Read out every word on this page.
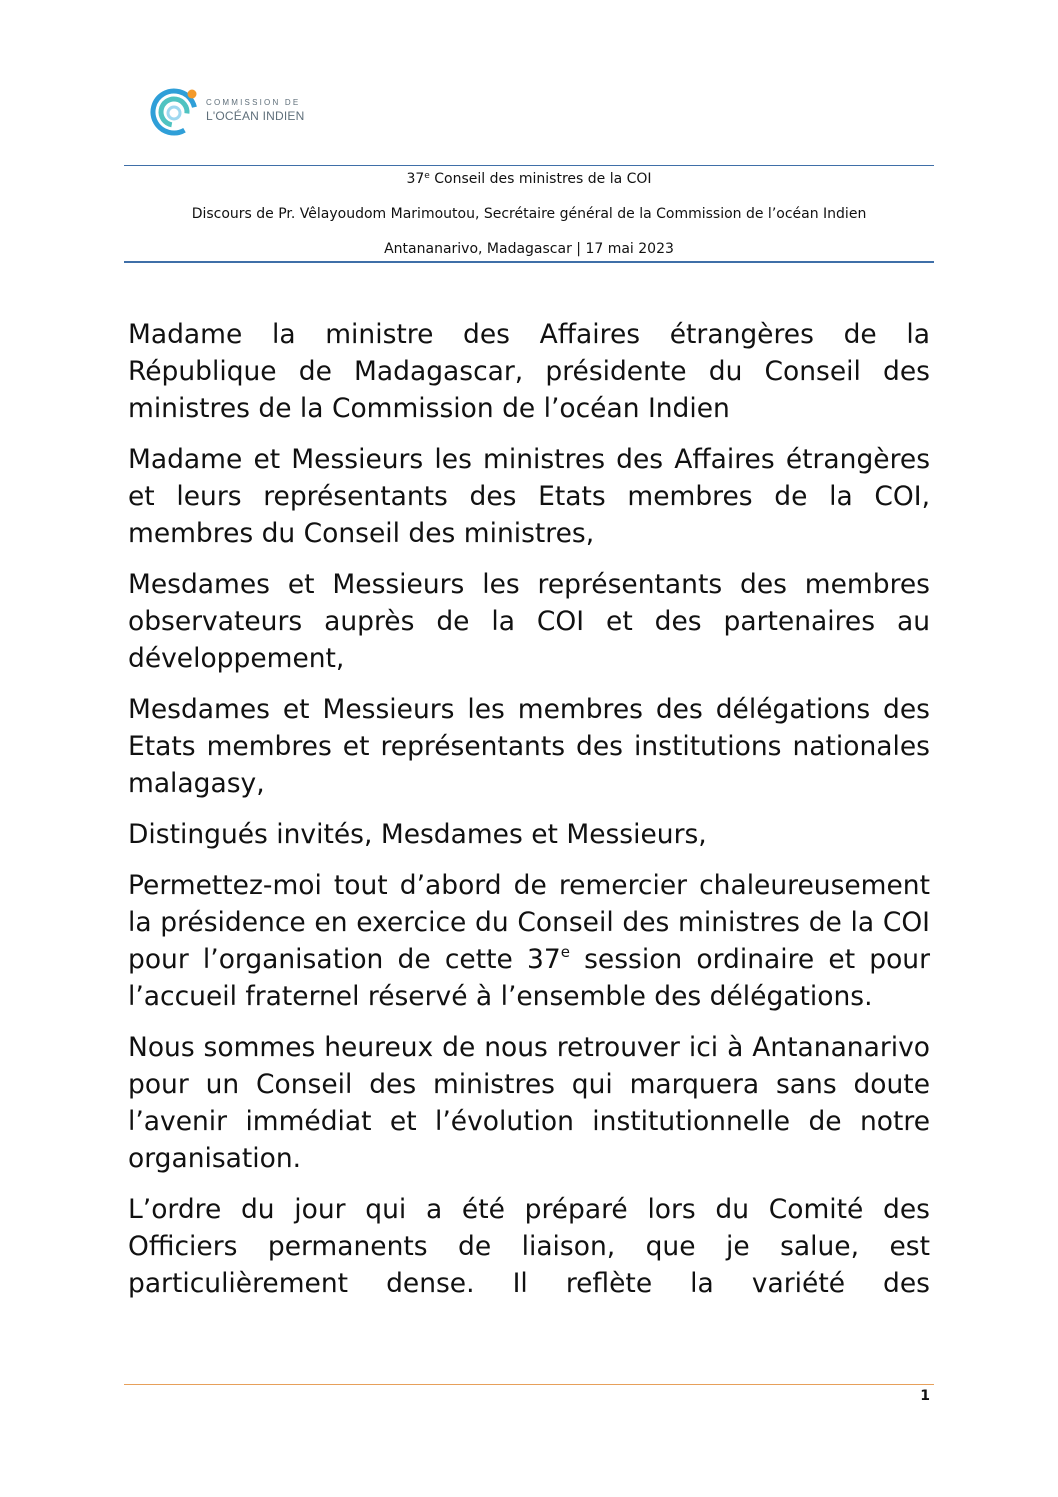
COMMISSION DE
L'OCÉAN INDIEN
37e Conseil des ministres de la COI
Discours de Pr. Vêlayoudom Marimoutou, Secrétaire général de la Commission de l’océan Indien
Antananarivo, Madagascar | 17 mai 2023

Madame la ministre des Affaires étrangères de la République de Madagascar, présidente du Conseil des ministres de la Commission de l’océan Indien

Madame et Messieurs les ministres des Affaires étrangères et leurs représentants des Etats membres de la COI, membres du Conseil des ministres,

Mesdames et Messieurs les représentants des membres observateurs auprès de la COI et des partenaires au développement,

Mesdames et Messieurs les membres des délégations des Etats membres et représentants des institutions nationales malagasy,

Distingués invités, Mesdames et Messieurs,

Permettez-moi tout d’abord de remercier chaleureusement la présidence en exercice du Conseil des ministres de la COI pour l’organisation de cette 37e session ordinaire et pour l’accueil fraternel réservé à l’ensemble des délégations.

Nous sommes heureux de nous retrouver ici à Antananarivo pour un Conseil des ministres qui marquera sans doute l’avenir immédiat et l’évolution institutionnelle de notre organisation.

L’ordre du jour qui a été préparé lors du Comité des Officiers permanents de liaison, que je salue, est particulièrement dense. Il reflète la variété des

1
